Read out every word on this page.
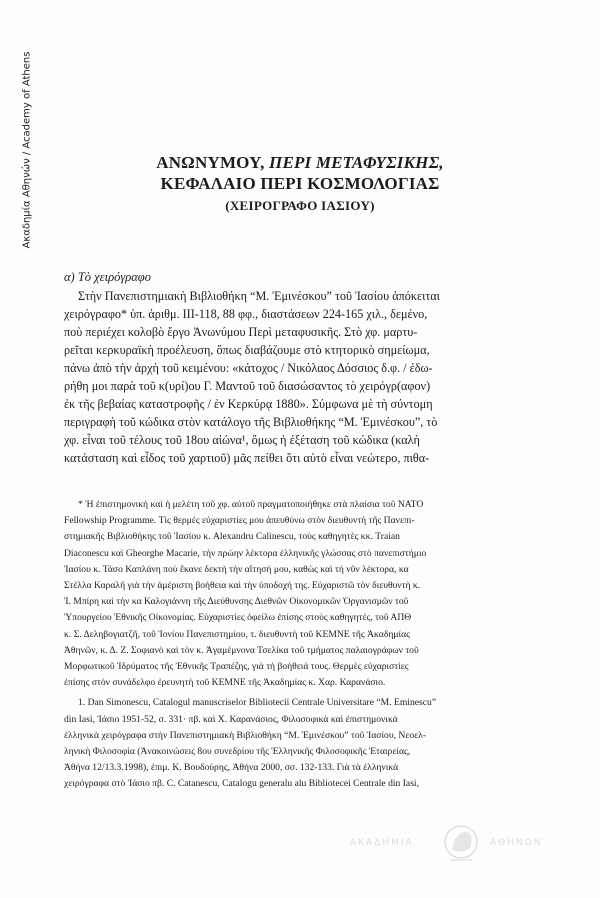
Ακαδημία Αθηνών / Academy of Athens	ΑΝΩΝΥΜΟΥ, ΠΕΡΙ ΜΕΤΑΦΥΣΙΚΗΣ,
ΚΕΦΑΛΑΙΟ ΠΕΡΙ ΚΟΣΜΟΛΟΓΙΑΣ
(ΧΕΙΡΟΓΡΑΦΟ ΙΑΣΙΟΥ)
α) Τὸ χειρόγραφο
Στὴν Πανεπιστημιακὴ Βιβλιοθήκη “Μ. Ἐμινέσκου” τοῦ Ἰασίου ἀπόκειται
χειρόγραφο* ὑπ. ἀριθμ. III-118, 88 φφ., διαστάσεων 224-165 χιλ., δεμένο,
ποὺ περιέχει κολοβὸ ἔργο Ἀνωνύμου Περὶ μεταφυσικῆς. Στὸ χφ. μαρτυ-
ρεῖται κερκυραϊκὴ προέλευση, ὅπως διαβάζουμε στὸ κτητορικὸ σημείωμα,
πάνω ἀπὸ τὴν ἀρχὴ τοῦ κειμένου: «κάτοχος / Νικόλαος Δόσσιος δ.φ. / ἐδω-
ρήθη μοι παρὰ τοῦ κ(υρί)ου Γ. Μαντοῦ τοῦ διασώσαντος τὸ χειρόγρ(αφον)
ἐκ τῆς βεβαίας καταστροφῆς / ἐν Κερκύρᾳ 1880». Σύμφωνα μὲ τὴ σύντομη
περιγραφὴ τοῦ κώδικα στὸν κατάλογο τῆς Βιβλιοθήκης “Μ. Ἐμινέσκου”, τὸ
χφ. εἶναι τοῦ τέλους τοῦ 18ου αἰώνα¹, ὅμως ἡ ἐξέταση τοῦ κώδικα (καλὴ
κατάσταση καὶ εἶδος τοῦ χαρτιοῦ) μᾶς πείθει ὅτι αὐτὸ εἶναι νεώτερο, πιθα-
* Ἡ ἐπιστημονικὴ καὶ ἡ μελέτη τοῦ χφ. αὐτοῦ πραγματοποιήθηκε στὰ πλαίσια τοῦ NATO
Fellowship Programme. Τὶς θερμές εὐχαριστίες μου ἀπευθύνω στὸν διευθυντὴ τῆς Πανεπι-
στημιακῆς Βιβλιοθήκης τοῦ Ἰασίου κ. Alexandru Calinescu, τοὺς καθηγητὲς κκ. Traian
Diaconescu καὶ Gheorghe Macarie, τὴν πρώην λέκτορα ἑλληνικῆς γλώσσας στὸ πανεπιστήμιο
Ἰασίου κ. Τάσο Καπλάνη ποὺ ἔκανε δεκτὴ τὴν αἴτησή μου, καθὼς καὶ τὴ νῦν λέκτορα, κα
Στέλλα Καραλῆ γιὰ τὴν ἀμέριστη βοήθεια καὶ τὴν ὑποδοχή της. Εὐχαριστῶ τὸν διευθυντὴ κ.
Ἰ. Μπίρη καὶ τὴν κα Καλογιάννη τῆς Διεύθυνσης Διεθνῶν Οἰκονομικῶν Ὀργανισμῶν τοῦ
Ὑπουργείου Ἐθνικῆς Οἰκονομίας. Εὐχαριστίες ὀφείλω ἐπίσης στοὺς καθηγητές, τοῦ ΑΠΘ
κ. Σ. Δεληβογιατζῆ, τοῦ Ἰονίου Πανεπιστημίου, τ. διευθυντὴ τοῦ ΚΕΜΝΕ τῆς Ἀκαδημίας
Ἀθηνῶν, κ. Δ. Ζ. Σοφιανὸ καὶ τὸν κ. Ἀγαμέμνονα Τσελίκα τοῦ τμήματος παλαιογράφων τοῦ
Μορφωτικοῦ Ἱδρύματος τῆς Ἐθνικῆς Τραπέζης, γιὰ τὴ βοήθειά τους. Θερμὲς εὐχαριστίες
ἐπίσης στὸν συνάδελφο ἐρευνητὴ τοῦ ΚΕΜΝΕ τῆς Ἀκαδημίας κ. Χαρ. Καρανάσιο.
1. Dan Simonescu, Catalogul manuscriselor Bibliotecii Centrale Universitare “M. Eminescu”
din Iasi, Ἰάσιο 1951-52, σ. 331· πβ. καὶ Χ. Καρανάσιος, Φιλοσοφικὰ καὶ ἐπιστημονικὰ
ἑλληνικὰ χειρόγραφα στὴν Πανεπιστημιακὴ Βιβλιοθήκη “Μ. Ἐμινέσκου” τοῦ Ἰασίου, Νεοελ-
ληνικὴ Φιλοσοφία (Ἀνακοινώσεις 8ου συνεδρίου τῆς Ἑλληνικῆς Φιλοσοφικῆς Ἑταιρείας,
Ἀθήνα 12/13.3.1998), ἐπιμ. Κ. Βουδούρης, Ἀθήνα 2000, σσ. 132-133. Γιὰ τὰ ἑλληνικὰ
χειρόγραφα στὸ Ἰάσιο πβ. C. Catanescu, Catalogu generalu alu Bibliotecei Centrale din Iasi,
ΑΚΑΔΗΜΙΑ	ΑΘΗΝΩΝ
